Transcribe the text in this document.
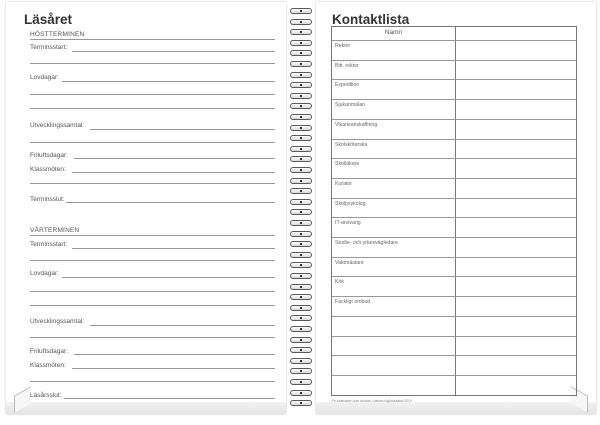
Läsåret	Kontaktlista
HÖSTTERMINEN
Terminsstart:
Lovdagar:
Utvecklingssamtal:
Friluftsdagar:
Klassmöten:
Terminsslut:
VÅRTERMINEN
Terminsstart:
Lovdagar:
Utvecklingssamtal:
Friluftsdagar:
Klassmöten:
Läsårsslut:
Namn
Rektor
Bitr. rektor
Expedition
Sjukanmälan
Vikarieanskaffning
Skolsköterska
Skolläkare
Kurator
Skolpsykolog
IT-ansvarig
Studie- och yrkesvägledare
Vaktmästare
Kök
Fackligt ombud
Fri kalendern kan ändras i datorn/vlgårdsaklat 2019
